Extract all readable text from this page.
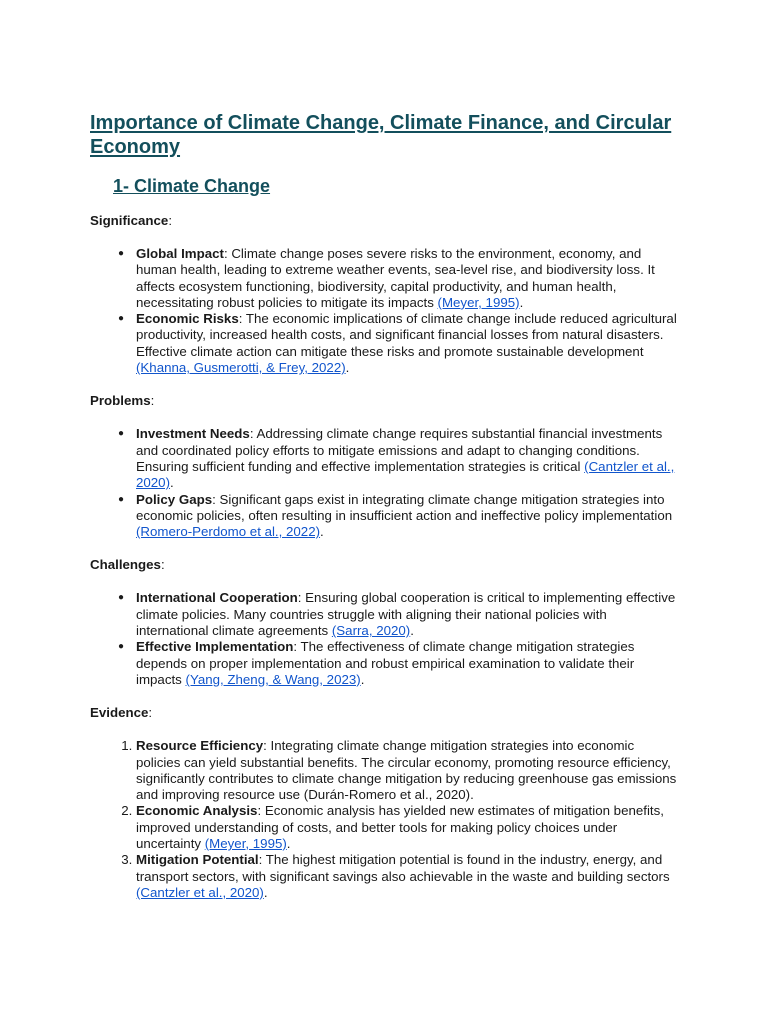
Importance of Climate Change, Climate Finance, and Circular Economy
1- Climate Change
Significance:
● Global Impact: Climate change poses severe risks to the environment, economy, and human health, leading to extreme weather events, sea-level rise, and biodiversity loss. It affects ecosystem functioning, biodiversity, capital productivity, and human health, necessitating robust policies to mitigate its impacts (Meyer, 1995).
● Economic Risks: The economic implications of climate change include reduced agricultural productivity, increased health costs, and significant financial losses from natural disasters. Effective climate action can mitigate these risks and promote sustainable development (Khanna, Gusmerotti, & Frey, 2022).
Problems:
● Investment Needs: Addressing climate change requires substantial financial investments and coordinated policy efforts to mitigate emissions and adapt to changing conditions. Ensuring sufficient funding and effective implementation strategies is critical (Cantzler et al., 2020).
● Policy Gaps: Significant gaps exist in integrating climate change mitigation strategies into economic policies, often resulting in insufficient action and ineffective policy implementation (Romero-Perdomo et al., 2022).
Challenges:
● International Cooperation: Ensuring global cooperation is critical to implementing effective climate policies. Many countries struggle with aligning their national policies with international climate agreements (Sarra, 2020).
● Effective Implementation: The effectiveness of climate change mitigation strategies depends on proper implementation and robust empirical examination to validate their impacts (Yang, Zheng, & Wang, 2023).
Evidence:
1. Resource Efficiency: Integrating climate change mitigation strategies into economic policies can yield substantial benefits. The circular economy, promoting resource efficiency, significantly contributes to climate change mitigation by reducing greenhouse gas emissions and improving resource use (Durán-Romero et al., 2020).
2. Economic Analysis: Economic analysis has yielded new estimates of mitigation benefits, improved understanding of costs, and better tools for making policy choices under uncertainty (Meyer, 1995).
3. Mitigation Potential: The highest mitigation potential is found in the industry, energy, and transport sectors, with significant savings also achievable in the waste and building sectors (Cantzler et al., 2020).
